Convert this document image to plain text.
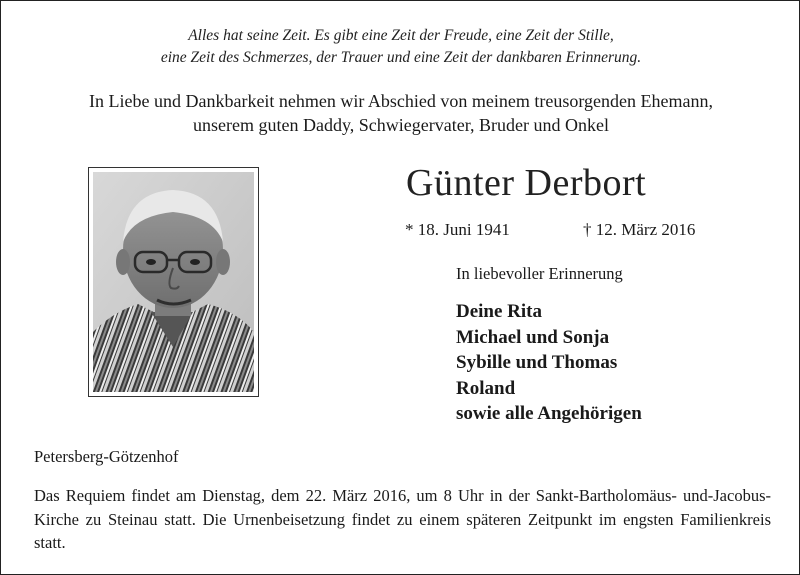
Alles hat seine Zeit. Es gibt eine Zeit der Freude, eine Zeit der Stille,
eine Zeit des Schmerzes, der Trauer und eine Zeit der dankbaren Erinnerung.
In Liebe und Dankbarkeit nehmen wir Abschied von meinem treusorgenden Ehemann,
unserem guten Daddy, Schwiegervater, Bruder und Onkel
Günter Derbort
* 18. Juni 1941	† 12. März 2016
In liebevoller Erinnerung
Deine Rita
Michael und Sonja
Sybille und Thomas
Roland
sowie alle Angehörigen
Petersberg-Götzenhof
Das Requiem findet am Dienstag, dem 22. März 2016, um 8 Uhr in der Sankt-Bartholomäus- und-Jacobus-Kirche zu Steinau statt. Die Urnenbeisetzung findet zu einem späteren Zeitpunkt im engsten Familienkreis statt.
